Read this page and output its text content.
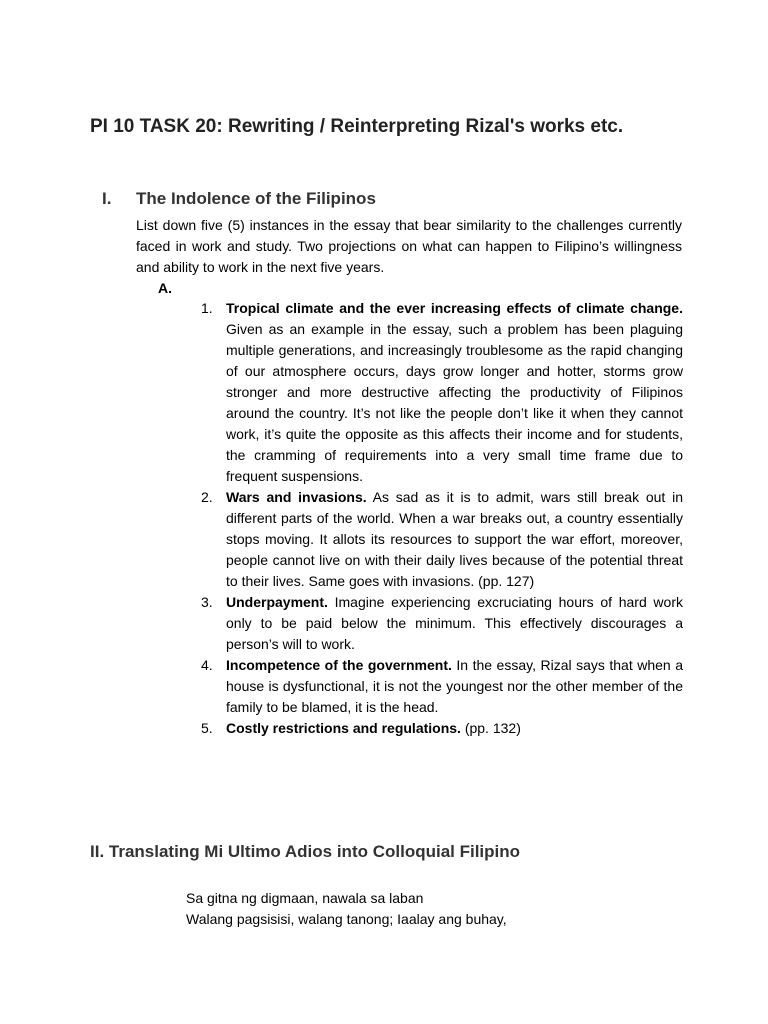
PI 10 TASK 20: Rewriting / Reinterpreting Rizal's works etc.
I. The Indolence of the Filipinos

List down five (5) instances in the essay that bear similarity to the challenges currently faced in work and study. Two projections on what can happen to Filipino’s willingness and ability to work in the next five years.

A.
1. Tropical climate and the ever increasing effects of climate change. Given as an example in the essay, such a problem has been plaguing multiple generations, and increasingly troublesome as the rapid changing of our atmosphere occurs, days grow longer and hotter, storms grow stronger and more destructive affecting the productivity of Filipinos around the country. It’s not like the people don’t like it when they cannot work, it’s quite the opposite as this affects their income and for students, the cramming of requirements into a very small time frame due to frequent suspensions.
2. Wars and invasions. As sad as it is to admit, wars still break out in different parts of the world. When a war breaks out, a country essentially stops moving. It allots its resources to support the war effort, moreover, people cannot live on with their daily lives because of the potential threat to their lives. Same goes with invasions. (pp. 127)
3. Underpayment. Imagine experiencing excruciating hours of hard work only to be paid below the minimum. This effectively discourages a person’s will to work.
4. Incompetence of the government. In the essay, Rizal says that when a house is dysfunctional, it is not the youngest nor the other member of the family to be blamed, it is the head.
5. Costly restrictions and regulations. (pp. 132)
II. Translating Mi Ultimo Adios into Colloquial Filipino
Sa gitna ng digmaan, nawala sa laban
Walang pagsisisi, walang tanong; Iaalay ang buhay,
